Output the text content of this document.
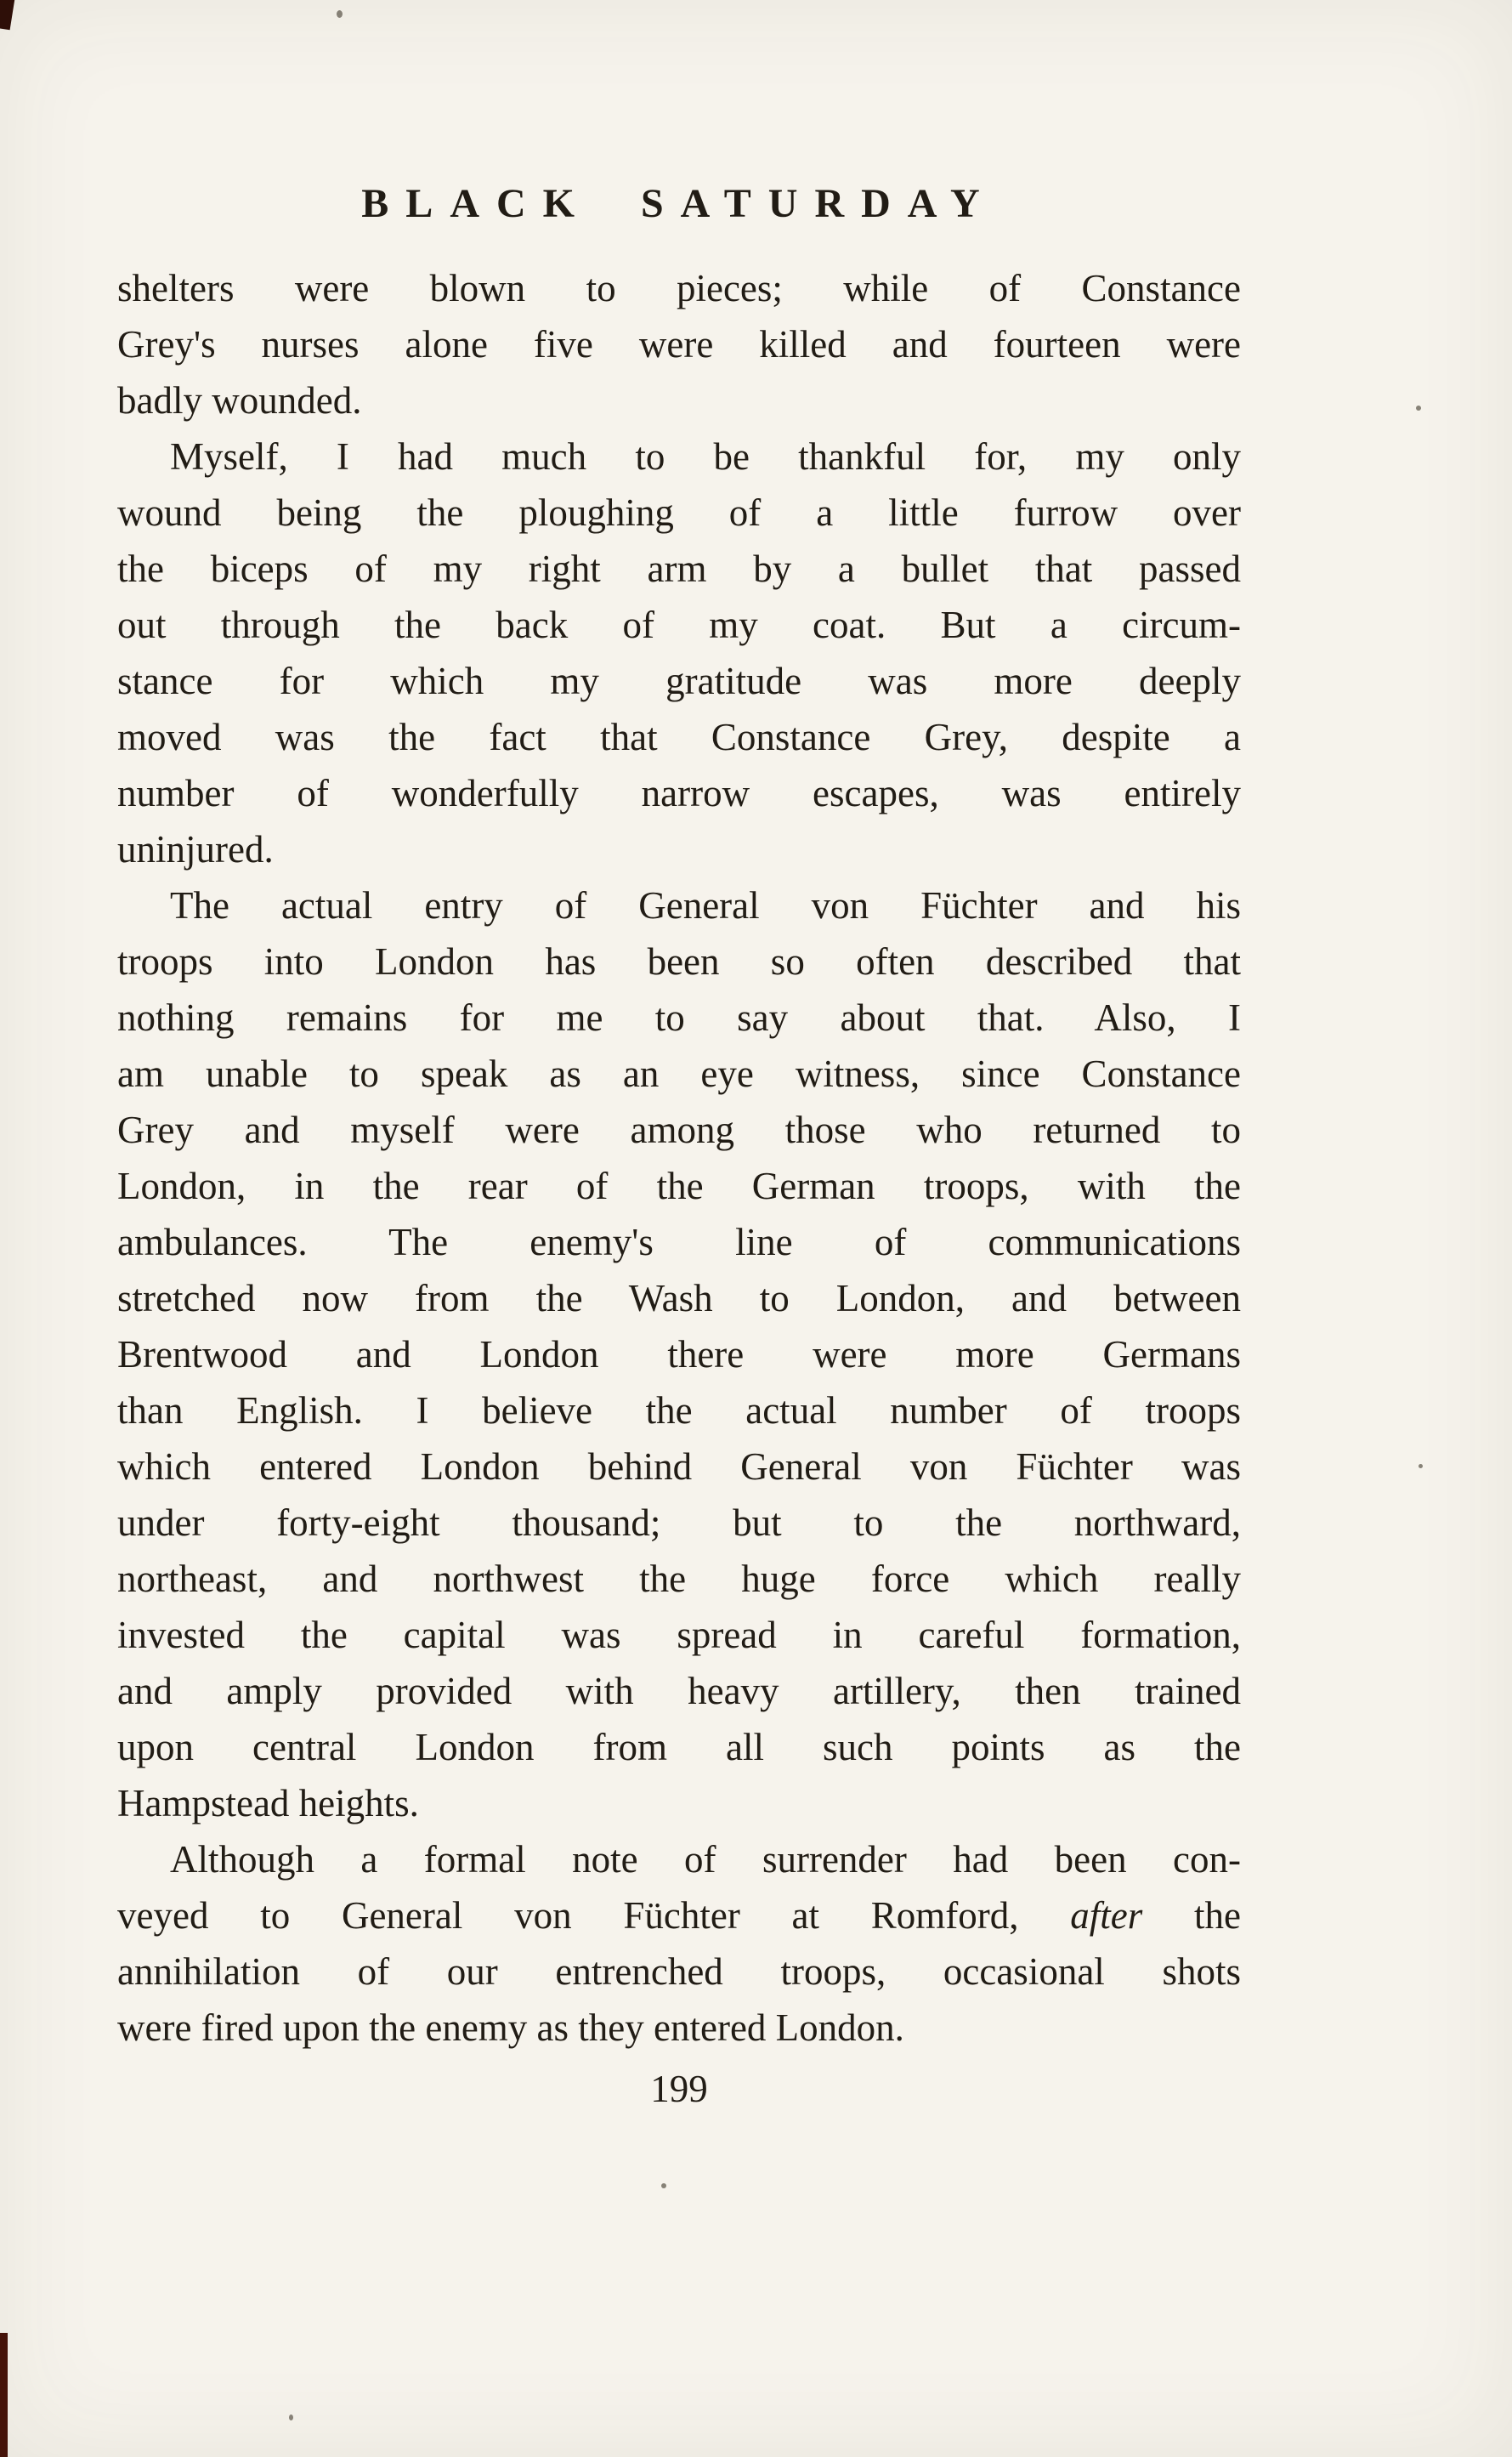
BLACK SATURDAY
shelters were blown to pieces; while of Constance
Grey's nurses alone five were killed and fourteen were
badly wounded.
Myself, I had much to be thankful for, my only
wound being the ploughing of a little furrow over
the biceps of my right arm by a bullet that passed
out through the back of my coat. But a circum-
stance for which my gratitude was more deeply
moved was the fact that Constance Grey, despite a
number of wonderfully narrow escapes, was entirely
uninjured.
The actual entry of General von Füchter and his
troops into London has been so often described that
nothing remains for me to say about that. Also, I
am unable to speak as an eye witness, since Constance
Grey and myself were among those who returned to
London, in the rear of the German troops, with the
ambulances. The enemy's line of communications
stretched now from the Wash to London, and between
Brentwood and London there were more Germans
than English. I believe the actual number of troops
which entered London behind General von Füchter was
under forty-eight thousand; but to the northward,
northeast, and northwest the huge force which really
invested the capital was spread in careful formation,
and amply provided with heavy artillery, then trained
upon central London from all such points as the
Hampstead heights.
Although a formal note of surrender had been con-
veyed to General von Füchter at Romford, after the
annihilation of our entrenched troops, occasional shots
were fired upon the enemy as they entered London.
199
